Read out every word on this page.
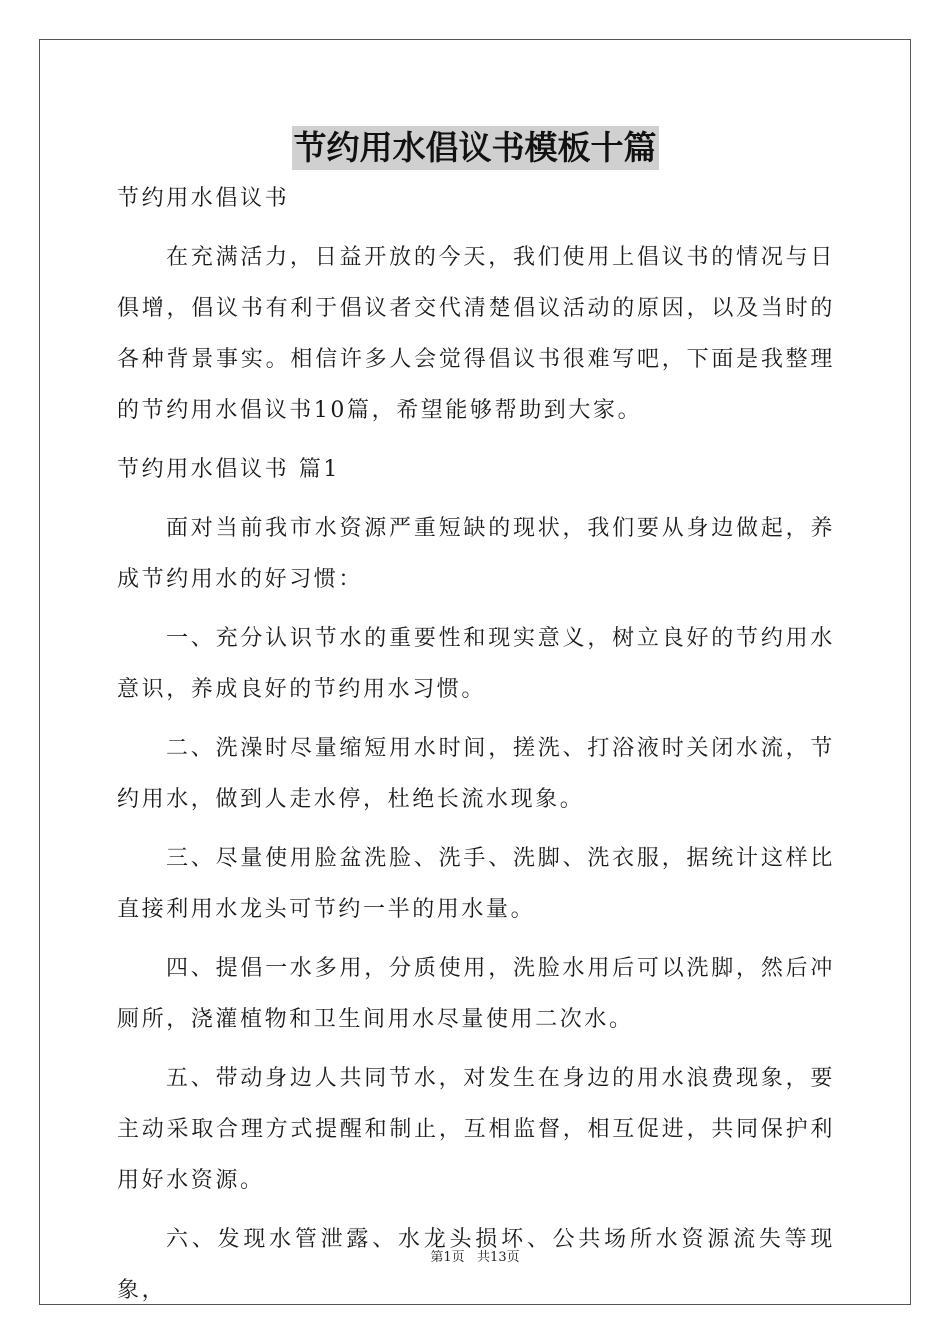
节约用水倡议书模板十篇
节约用水倡议书
在充满活力，日益开放的今天，我们使用上倡议书的情况与日俱增，倡议书有利于倡议者交代清楚倡议活动的原因，以及当时的各种背景事实。相信许多人会觉得倡议书很难写吧，下面是我整理的节约用水倡议书10篇，希望能够帮助到大家。
节约用水倡议书 篇1
面对当前我市水资源严重短缺的现状，我们要从身边做起，养成节约用水的好习惯：
一、充分认识节水的重要性和现实意义，树立良好的节约用水意识，养成良好的节约用水习惯。
二、洗澡时尽量缩短用水时间，搓洗、打浴液时关闭水流，节约用水，做到人走水停，杜绝长流水现象。
三、尽量使用脸盆洗脸、洗手、洗脚、洗衣服，据统计这样比直接利用水龙头可节约一半的用水量。
四、提倡一水多用，分质使用，洗脸水用后可以洗脚，然后冲厕所，浇灌植物和卫生间用水尽量使用二次水。
五、带动身边人共同节水，对发生在身边的用水浪费现象，要主动采取合理方式提醒和制止，互相监督，相互促进，共同保护利用好水资源。
六、发现水管泄露、水龙头损坏、公共场所水资源流失等现象，
第1页   共13页
